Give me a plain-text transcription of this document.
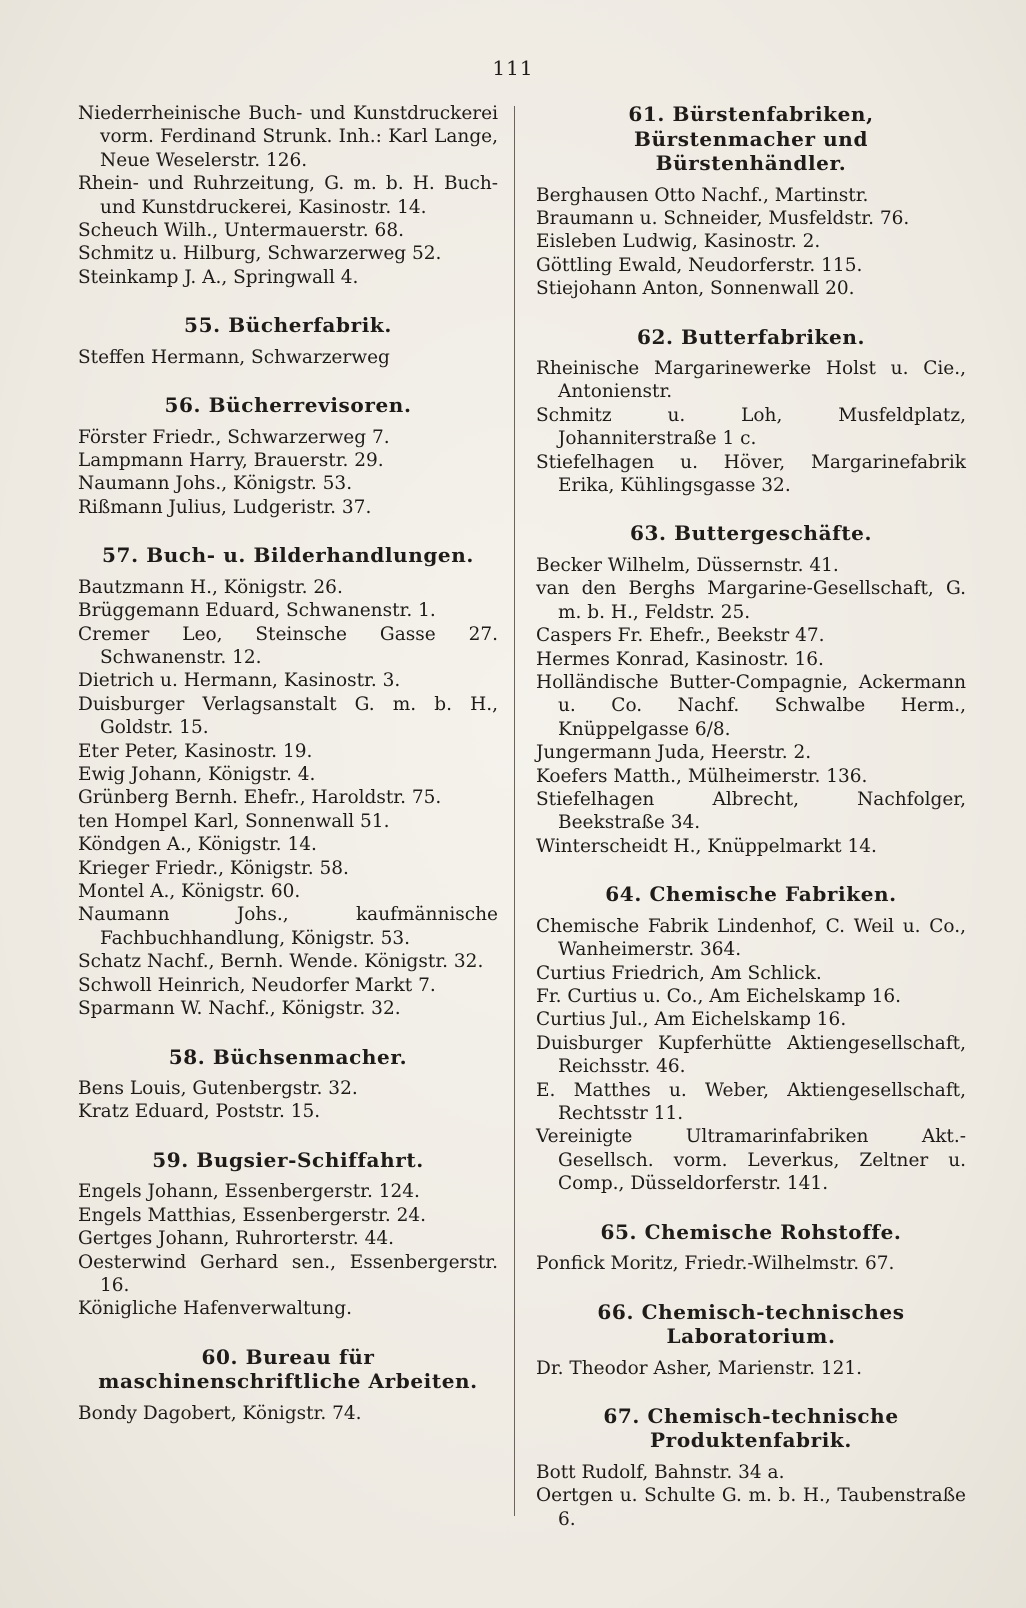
111
Niederrheinische Buch- und Kunstdruckerei vorm. Ferdinand Strunk. Inh.: Karl Lange, Neue Weselerstr. 126.
Rhein- und Ruhrzeitung, G. m. b. H. Buch- und Kunstdruckerei, Kasinostr. 14.
Scheuch Wilh., Untermauerstr. 68.
Schmitz u. Hilburg, Schwarzerweg 52.
Steinkamp J. A., Springwall 4.
55. Bücherfabrik.
Steffen Hermann, Schwarzerweg
56. Bücherrevisoren.
Förster Friedr., Schwarzerweg 7.
Lampmann Harry, Brauerstr. 29.
Naumann Johs., Königstr. 53.
Rißmann Julius, Ludgeristr. 37.
57. Buch- u. Bilderhandlungen.
Bautzmann H., Königstr. 26.
Brüggemann Eduard, Schwanenstr. 1.
Cremer Leo, Steinsche Gasse 27. Schwanenstr. 12.
Dietrich u. Hermann, Kasinostr. 3.
Duisburger Verlagsanstalt G. m. b. H., Goldstr. 15.
Eter Peter, Kasinostr. 19.
Ewig Johann, Königstr. 4.
Grünberg Bernh. Ehefr., Haroldstr. 75.
ten Hompel Karl, Sonnenwall 51.
Köndgen A., Königstr. 14.
Krieger Friedr., Königstr. 58.
Montel A., Königstr. 60.
Naumann Johs., kaufmännische Fachbuchhandlung, Königstr. 53.
Schatz Nachf., Bernh. Wende. Königstr. 32.
Schwoll Heinrich, Neudorfer Markt 7.
Sparmann W. Nachf., Königstr. 32.
58. Büchsenmacher.
Bens Louis, Gutenbergstr. 32.
Kratz Eduard, Poststr. 15.
59. Bugsier-Schiffahrt.
Engels Johann, Essenbergerstr. 124.
Engels Matthias, Essenbergerstr. 24.
Gertges Johann, Ruhrorterstr. 44.
Oesterwind Gerhard sen., Essenbergerstr. 16.
Königliche Hafenverwaltung.
60. Bureau für maschinenschriftliche Arbeiten.
Bondy Dagobert, Königstr. 74.
61. Bürstenfabriken, Bürstenmacher und Bürstenhändler.
Berghausen Otto Nachf., Martinstr.
Braumann u. Schneider, Musfeldstr. 76.
Eisleben Ludwig, Kasinostr. 2.
Göttling Ewald, Neudorferstr. 115.
Stiejohann Anton, Sonnenwall 20.
62. Butterfabriken.
Rheinische Margarinewerke Holst u. Cie., Antonienstr.
Schmitz u. Loh, Musfeldplatz, Johanniterstraße 1 c.
Stiefelhagen u. Höver, Margarinefabrik Erika, Kühlingsgasse 32.
63. Buttergeschäfte.
Becker Wilhelm, Düssernstr. 41.
van den Berghs Margarine-Gesellschaft, G. m. b. H., Feldstr. 25.
Caspers Fr. Ehefr., Beekstr 47.
Hermes Konrad, Kasinostr. 16.
Holländische Butter-Compagnie, Ackermann u. Co. Nachf. Schwalbe Herm., Knüppelgasse 6/8.
Jungermann Juda, Heerstr. 2.
Koefers Matth., Mülheimerstr. 136.
Stiefelhagen Albrecht, Nachfolger, Beekstraße 34.
Winterscheidt H., Knüppelmarkt 14.
64. Chemische Fabriken.
Chemische Fabrik Lindenhof, C. Weil u. Co., Wanheimerstr. 364.
Curtius Friedrich, Am Schlick.
Fr. Curtius u. Co., Am Eichelskamp 16.
Curtius Jul., Am Eichelskamp 16.
Duisburger Kupferhütte Aktiengesellschaft, Reichsstr. 46.
E. Matthes u. Weber, Aktiengesellschaft, Rechtsstr 11.
Vereinigte Ultramarinfabriken Akt.-Gesellsch. vorm. Leverkus, Zeltner u. Comp., Düsseldorferstr. 141.
65. Chemische Rohstoffe.
Ponfick Moritz, Friedr.-Wilhelmstr. 67.
66. Chemisch-technisches Laboratorium.
Dr. Theodor Asher, Marienstr. 121.
67. Chemisch-technische Produktenfabrik.
Bott Rudolf, Bahnstr. 34 a.
Oertgen u. Schulte G. m. b. H., Taubenstraße 6.
